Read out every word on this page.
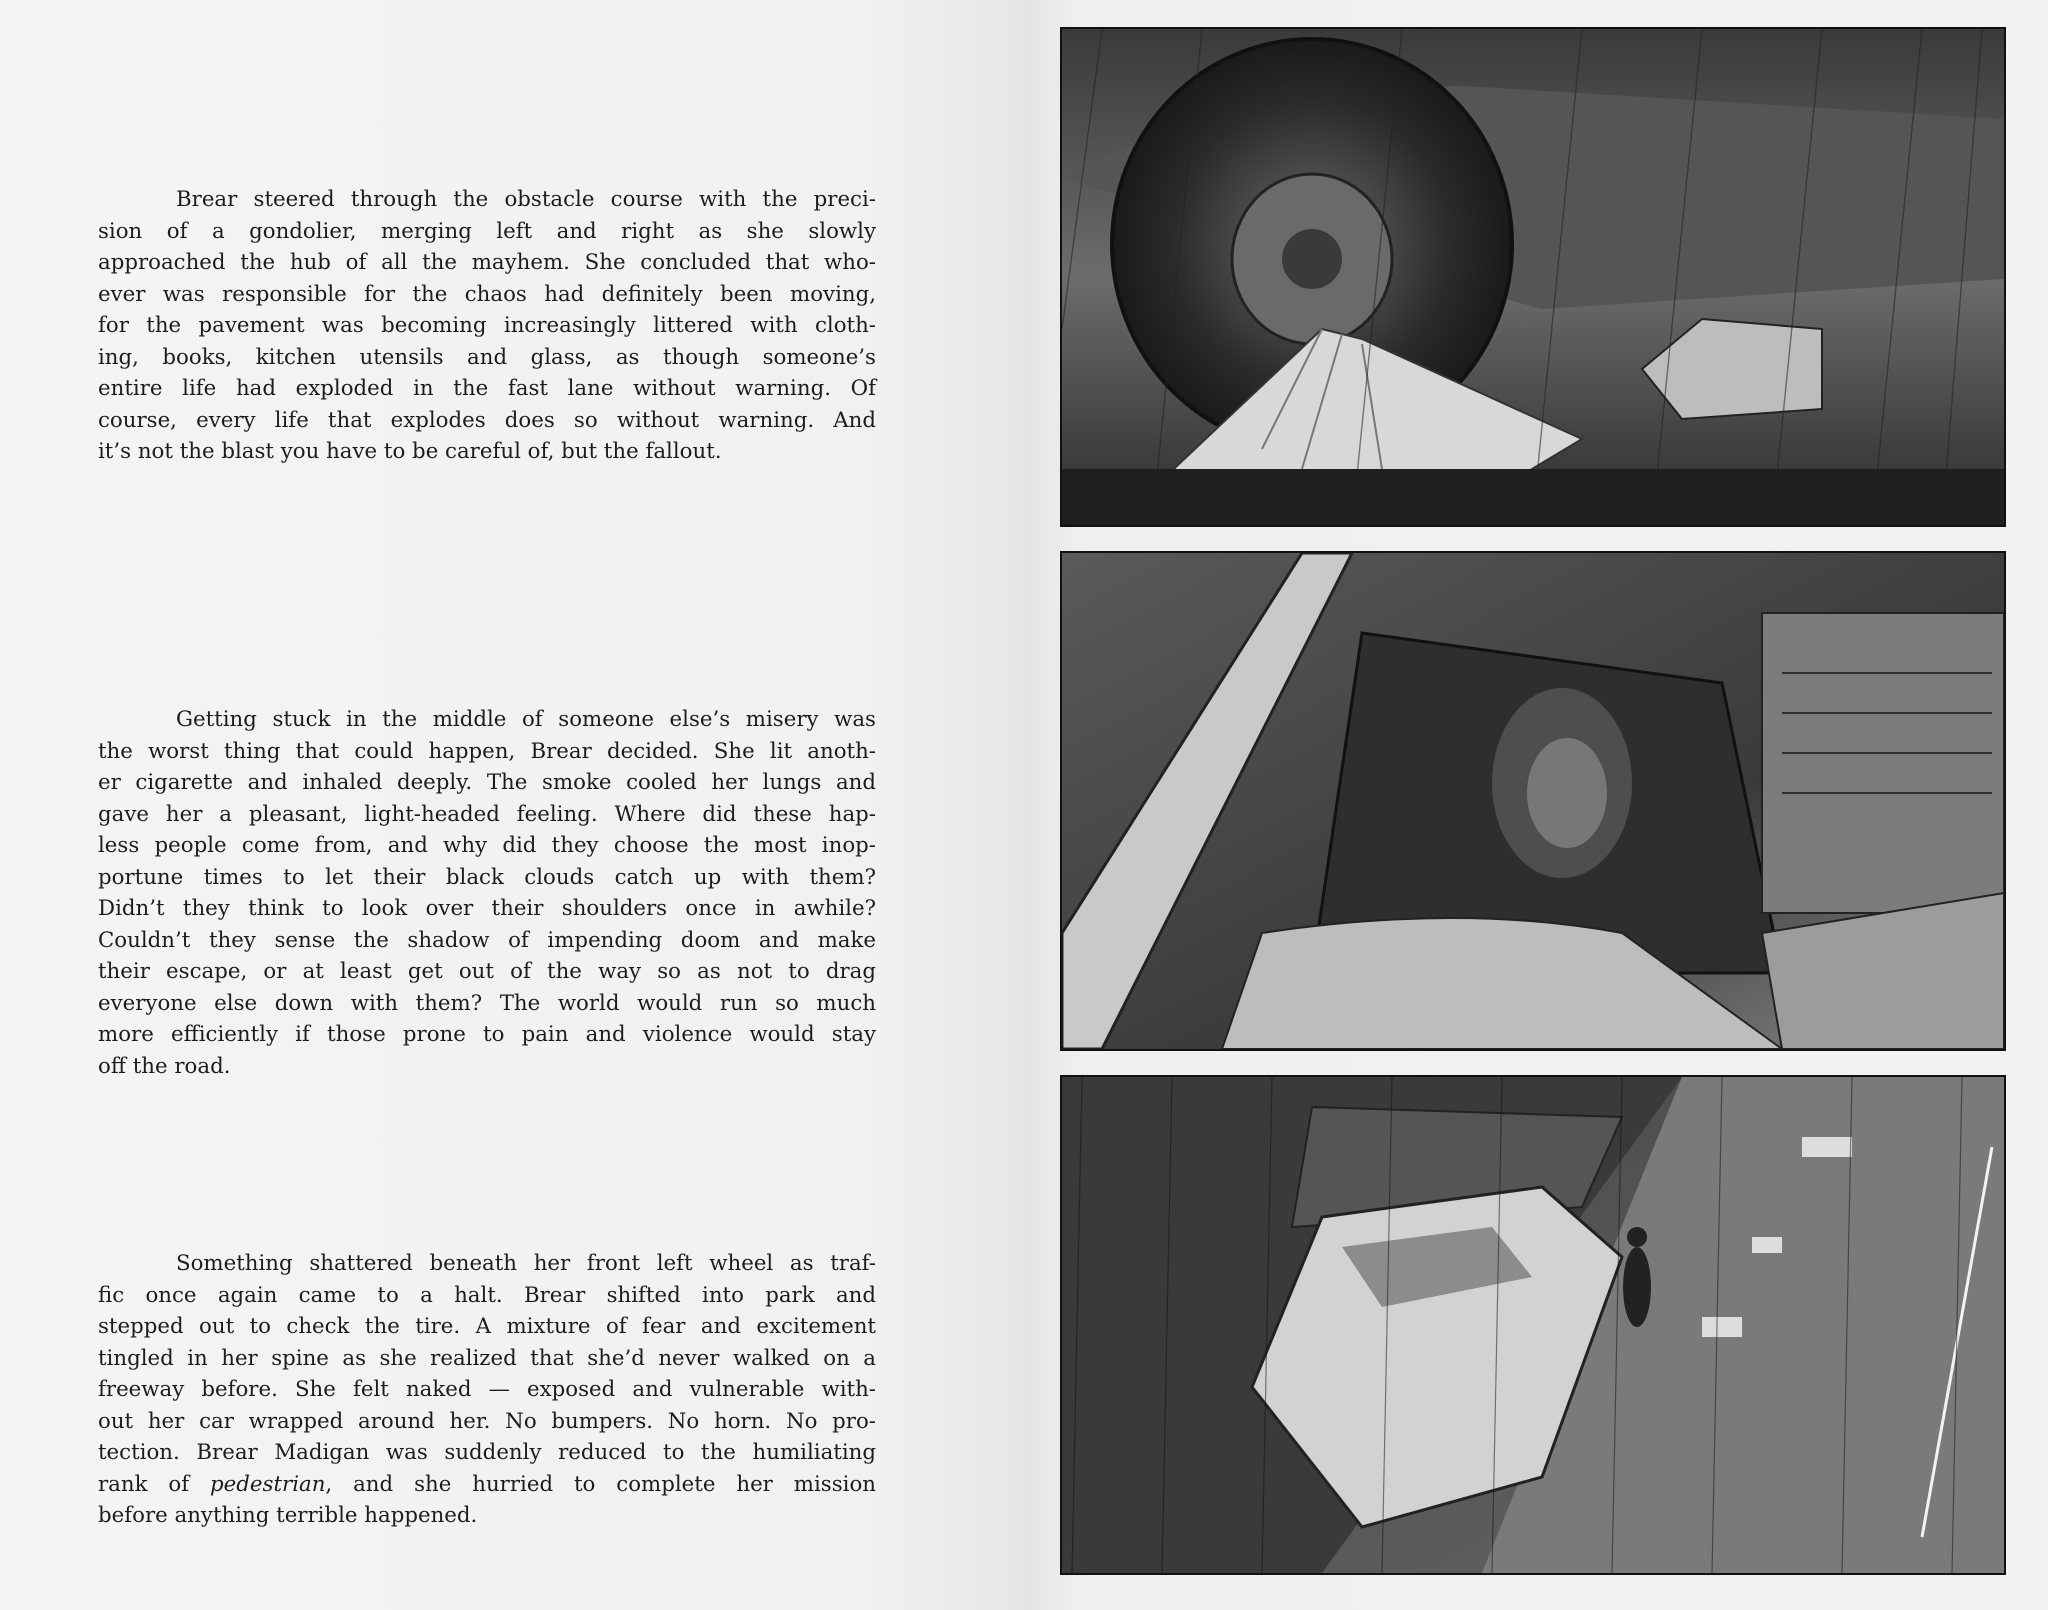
Brear steered through the obstacle course with the preci-
sion of a gondolier, merging left and right as she slowly
approached the hub of all the mayhem. She concluded that who-
ever was responsible for the chaos had definitely been moving,
for the pavement was becoming increasingly littered with cloth-
ing, books, kitchen utensils and glass, as though someone’s
entire life had exploded in the fast lane without warning. Of
course, every life that explodes does so without warning. And
it’s not the blast you have to be careful of, but the fallout.

Getting stuck in the middle of someone else’s misery was
the worst thing that could happen, Brear decided. She lit anoth-
er cigarette and inhaled deeply. The smoke cooled her lungs and
gave her a pleasant, light-headed feeling. Where did these hap-
less people come from, and why did they choose the most inop-
portune times to let their black clouds catch up with them?
Didn’t they think to look over their shoulders once in awhile?
Couldn’t they sense the shadow of impending doom and make
their escape, or at least get out of the way so as not to drag
everyone else down with them? The world would run so much
more efficiently if those prone to pain and violence would stay
off the road.

Something shattered beneath her front left wheel as traf-
fic once again came to a halt. Brear shifted into park and
stepped out to check the tire. A mixture of fear and excitement
tingled in her spine as she realized that she’d never walked on a
freeway before. She felt naked — exposed and vulnerable with-
out her car wrapped around her. No bumpers. No horn. No pro-
tection. Brear Madigan was suddenly reduced to the humiliating
rank of pedestrian, and she hurried to complete her mission
before anything terrible happened.
